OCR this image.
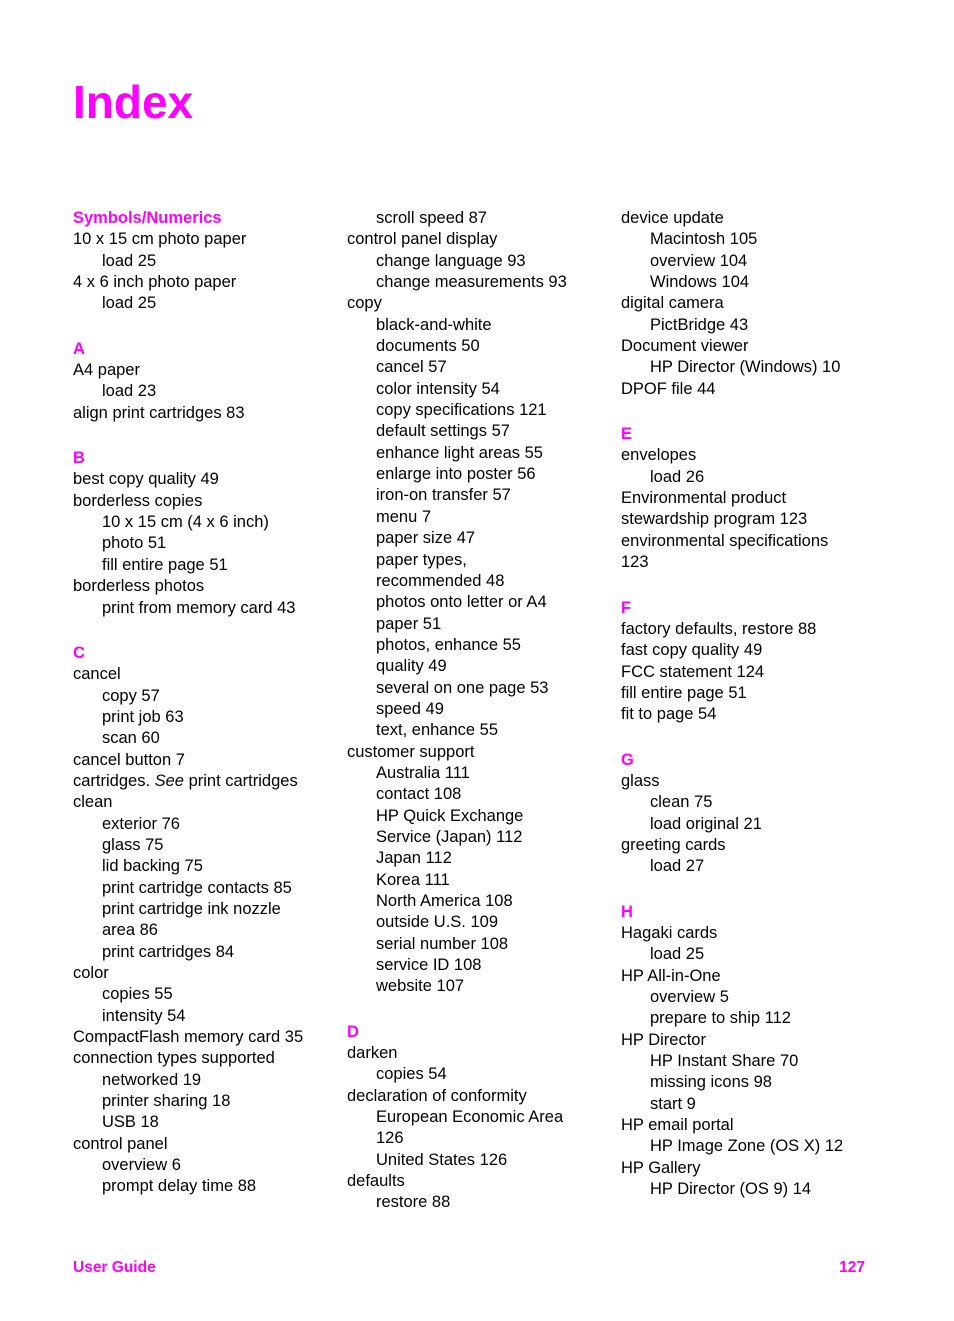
Index
Symbols/Numerics
10 x 15 cm photo paper
load 25
4 x 6 inch photo paper
load 25
A
A4 paper
load 23
align print cartridges 83
B
best copy quality 49
borderless copies
10 x 15 cm (4 x 6 inch)
photo 51
fill entire page 51
borderless photos
print from memory card 43
C
cancel
copy 57
print job 63
scan 60
cancel button 7
cartridges. See print cartridges
clean
exterior 76
glass 75
lid backing 75
print cartridge contacts 85
print cartridge ink nozzle
area 86
print cartridges 84
color
copies 55
intensity 54
CompactFlash memory card 35
connection types supported
networked 19
printer sharing 18
USB 18
control panel
overview 6
prompt delay time 88
scroll speed 87
control panel display
change language 93
change measurements 93
copy
black-and-white
documents 50
cancel 57
color intensity 54
copy specifications 121
default settings 57
enhance light areas 55
enlarge into poster 56
iron-on transfer 57
menu 7
paper size 47
paper types,
recommended 48
photos onto letter or A4
paper 51
photos, enhance 55
quality 49
several on one page 53
speed 49
text, enhance 55
customer support
Australia 111
contact 108
HP Quick Exchange
Service (Japan) 112
Japan 112
Korea 111
North America 108
outside U.S. 109
serial number 108
service ID 108
website 107
D
darken
copies 54
declaration of conformity
European Economic Area
126
United States 126
defaults
restore 88
device update
Macintosh 105
overview 104
Windows 104
digital camera
PictBridge 43
Document viewer
HP Director (Windows) 10
DPOF file 44
E
envelopes
load 26
Environmental product
stewardship program 123
environmental specifications
123
F
factory defaults, restore 88
fast copy quality 49
FCC statement 124
fill entire page 51
fit to page 54
G
glass
clean 75
load original 21
greeting cards
load 27
H
Hagaki cards
load 25
HP All-in-One
overview 5
prepare to ship 112
HP Director
HP Instant Share 70
missing icons 98
start 9
HP email portal
HP Image Zone (OS X) 12
HP Gallery
HP Director (OS 9) 14
User Guide	127
